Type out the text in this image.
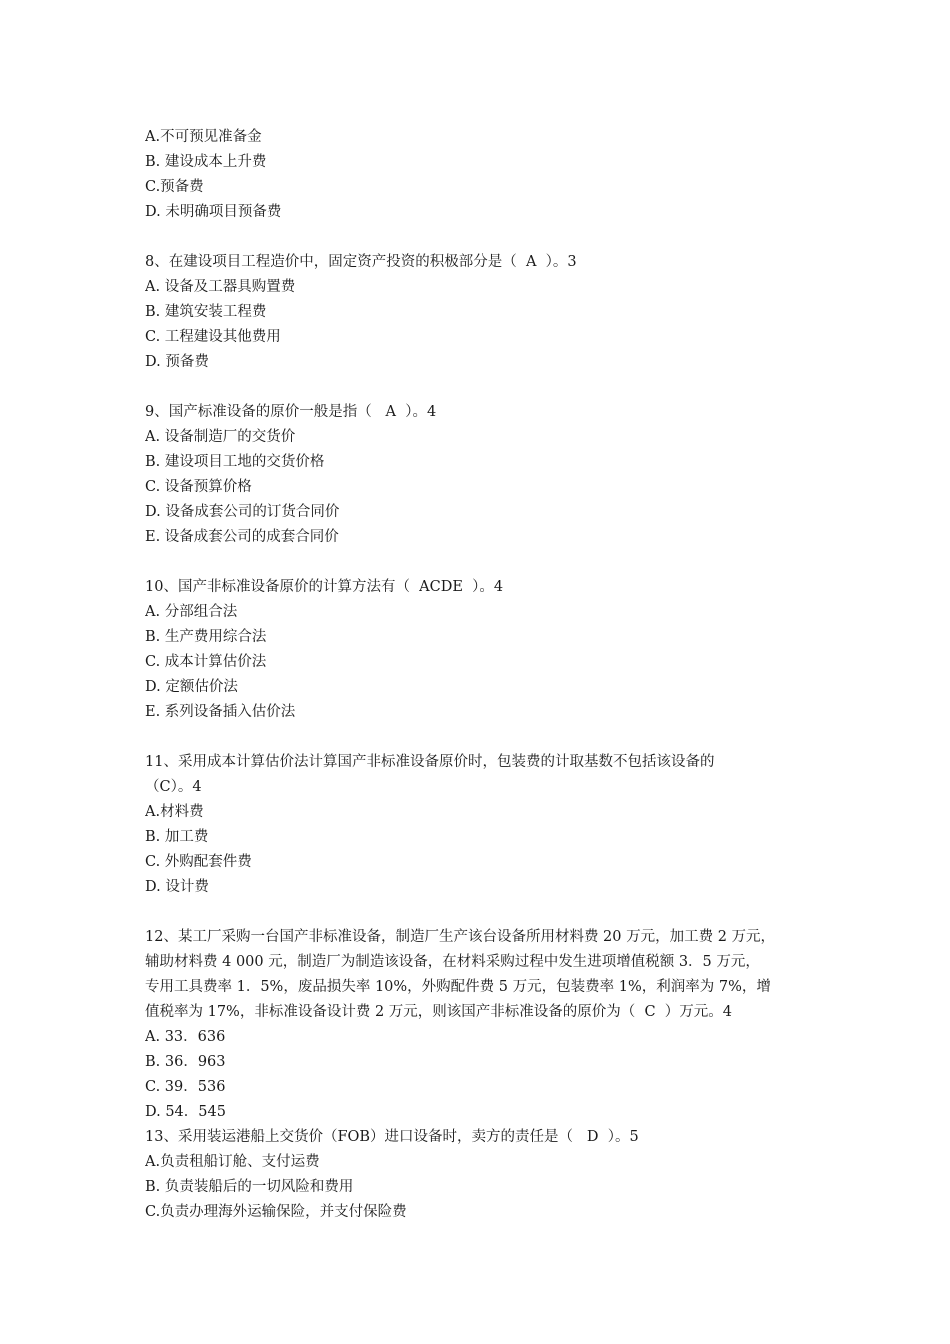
A.不可预见准备金
B. 建设成本上升费
C.预备费
D. 未明确项目预备费
8、在建设项目工程造价中，固定资产投资的积极部分是（  A  ）。3
A. 设备及工器具购置费
B. 建筑安装工程费
C. 工程建设其他费用
D. 预备费
9、国产标准设备的原价一般是指（   A  ）。4
A. 设备制造厂的交货价
B. 建设项目工地的交货价格
C. 设备预算价格
D. 设备成套公司的订货合同价
E. 设备成套公司的成套合同价
10、国产非标准设备原价的计算方法有（  ACDE  ）。4
A. 分部组合法
B. 生产费用综合法
C. 成本计算估价法
D. 定额估价法
E. 系列设备插入估价法
11、采用成本计算估价法计算国产非标准设备原价时，包装费的计取基数不包括该设备的
（C）。4
A.材料费
B. 加工费
C. 外购配套件费
D. 设计费
12、某工厂采购一台国产非标准设备，制造厂生产该台设备所用材料费 20 万元，加工费 2 万元，
辅助材料费 4 000 元，制造厂为制造该设备，在材料采购过程中发生进项增值税额 3．5 万元，
专用工具费率 1．5%，废品损失率 10%，外购配件费 5 万元，包装费率 1%，利润率为 7%，增
值税率为 17%，非标准设备设计费 2 万元，则该国产非标准设备的原价为（  C  ）万元。4
A. 33．636
B. 36．963
C. 39．536
D. 54．545
13、采用装运港船上交货价（FOB）进口设备时，卖方的责任是（   D  ）。5
A.负责租船订舱、支付运费
B. 负责装船后的一切风险和费用
C.负责办理海外运输保险，并支付保险费
